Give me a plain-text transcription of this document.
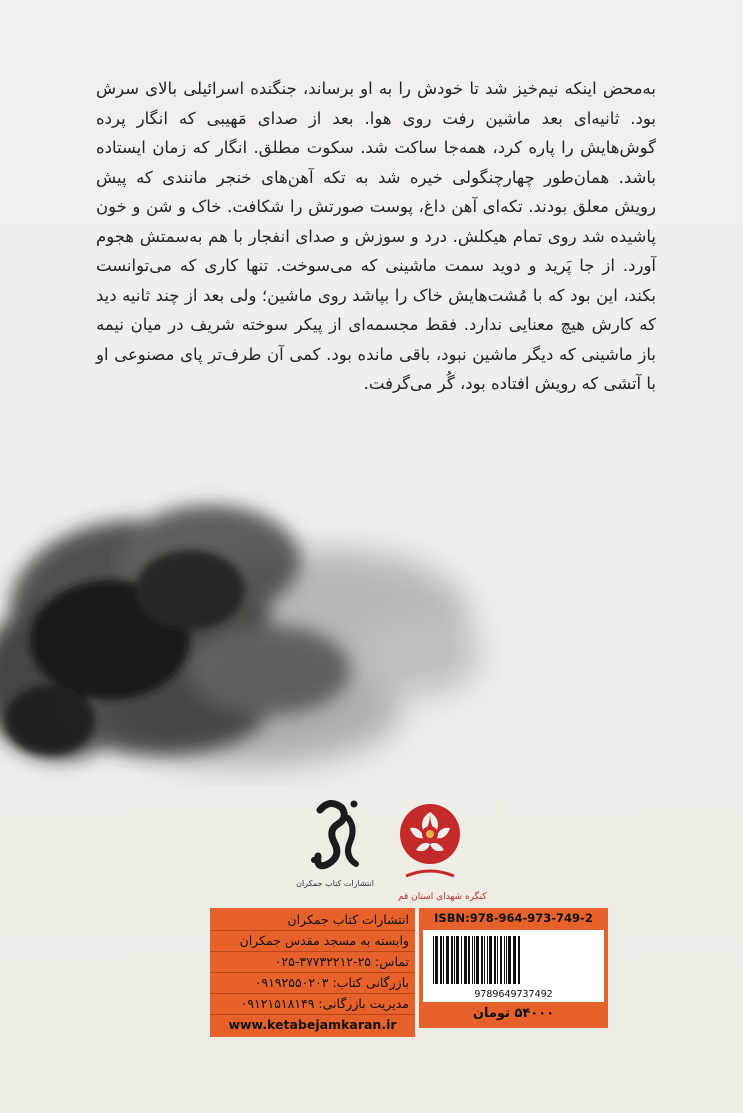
به‌محض اینکه نیم‌خیز شد تا خودش را به او برساند، جنگنده اسرائیلی بالای سرش بود. ثانیه‌ای بعد ماشین رفت روی هوا. بعد از صدای مَهیبی که انگار پرده گوش‌هایش را پاره کرد، همه‌جا ساکت شد. سکوت مطلق. انگار که زمان ایستاده باشد. همان‌طور چهارچنگولی خیره شد به تکه آهن‌های خنجر مانندی که پیش رویش معلق بودند. تکه‌ای آهن داغ، پوست صورتش را شکافت. خاک و شن و خون پاشیده شد روی تمام هیکلش. درد و سوزش و صدای انفجار با هم به‌سمتش هجوم آورد. از جا پَرید و دوید سمت ماشینی که می‌سوخت. تنها کاری که می‌توانست بکند، این بود که با مُشت‌هایش خاک را بپاشد روی ماشین؛ ولی بعد از چند ثانیه دید که کارش هیچ معنایی ندارد. فقط مجسمه‌ای از پیکر سوخته شریف در میان نیمه باز ماشینی که دیگر ماشین نبود، باقی مانده بود. کمی آن طرف‌تر پای مصنوعی او با آتشی که رویش افتاده بود، گُر می‌گرفت.

انتشارات کتاب جمکران
کنگره شهدای استان قم
انتشارات کتاب جمکران
وابسته به مسجد مقدس جمکران
تماس: ۲۵-۳۷۷۳۲۲۱۲-۰۲۵
بازرگانی کتاب: ۰۹۱۹۲۵۵۰۲۰۳
مدیریت بازرگانی: ۰۹۱۲۱۵۱۸۱۴۹
www.ketabejamkaran.ir
ISBN:978-964-973-749-2
9789649737492
۵۴۰۰۰ تومان
